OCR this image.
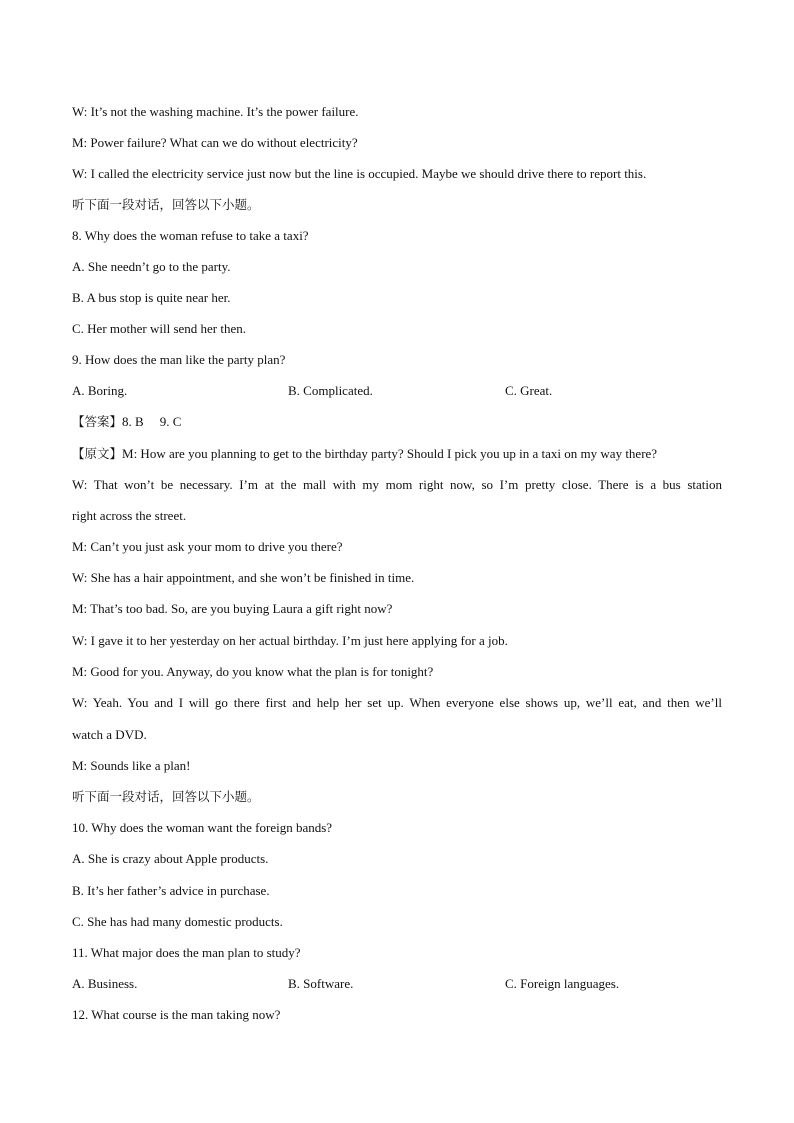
W: It’s not the washing machine. It’s the power failure.
M: Power failure? What can we do without electricity?
W: I called the electricity service just now but the line is occupied. Maybe we should drive there to report this.
听下面一段对话，回答以下小题。
8. Why does the woman refuse to take a taxi?
A. She needn’t go to the party.
B. A bus stop is quite near her.
C. Her mother will send her then.
9. How does the man like the party plan?
A. Boring.	B. Complicated.	C. Great.
【答案】8. B 9. C
【原文】M: How are you planning to get to the birthday party? Should I pick you up in a taxi on my way there?
W: That won’t be necessary. I’m at the mall with my mom right now, so I’m pretty close. There is a bus station
right across the street.
M: Can’t you just ask your mom to drive you there?
W: She has a hair appointment, and she won’t be finished in time.
M: That’s too bad. So, are you buying Laura a gift right now?
W: I gave it to her yesterday on her actual birthday. I’m just here applying for a job.
M: Good for you. Anyway, do you know what the plan is for tonight?
W: Yeah. You and I will go there first and help her set up. When everyone else shows up, we’ll eat, and then we’ll
watch a DVD.
M: Sounds like a plan!
听下面一段对话，回答以下小题。
10. Why does the woman want the foreign bands?
A. She is crazy about Apple products.
B. It’s her father’s advice in purchase.
C. She has had many domestic products.
11. What major does the man plan to study?
A. Business.	B. Software.	C. Foreign languages.
12. What course is the man taking now?
